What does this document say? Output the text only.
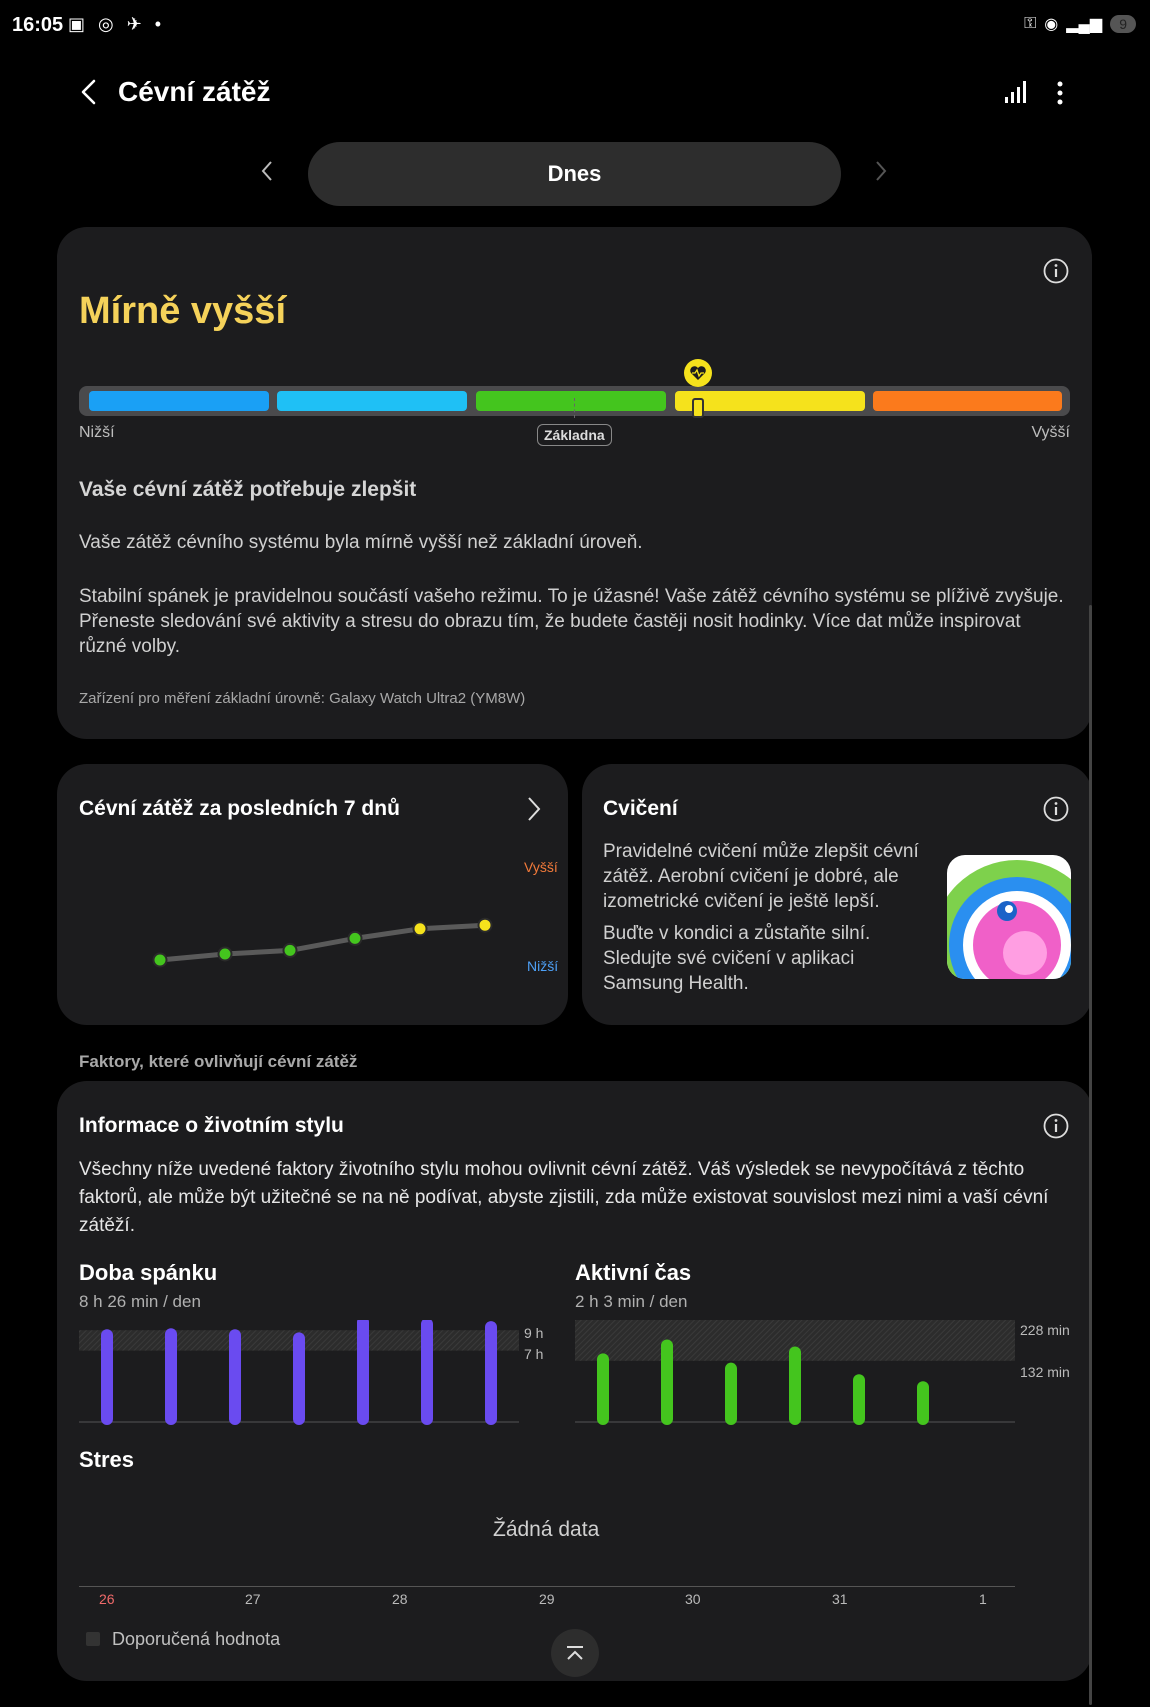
16:05 ▣ ◎ ✈ •	⚿ ◉ ▂▄▆	9
Cévní zátěž
Dnes
Mírně vyšší
Nižší	Základna	Vyšší
Vaše cévní zátěž potřebuje zlepšit
Vaše zátěž cévního systému byla mírně vyšší než základní úroveň.
Stabilní spánek je pravidelnou součástí vašeho režimu. To je úžasné! Vaše zátěž cévního systému se plíživě zvyšuje. Přeneste sledování své aktivity a stresu do obrazu tím, že budete častěji nosit hodinky. Více dat může inspirovat různé volby.
Zařízení pro měření základní úrovně: Galaxy Watch Ultra2 (YM8W)
Cévní zátěž za posledních 7 dnů
Vyšší
Nižší
Cvičení
Pravidelné cvičení může zlepšit cévní zátěž. Aerobní cvičení je dobré, ale izometrické cvičení je ještě lepší.
Buďte v kondici a zůstaňte silní. Sledujte své cvičení v aplikaci Samsung Health.
Faktory, které ovlivňují cévní zátěž
Informace o životním stylu
Všechny níže uvedené faktory životního stylu mohou ovlivnit cévní zátěž. Váš výsledek se nevypočítává z těchto faktorů, ale může být užitečné se na ně podívat, abyste zjistili, zda může existovat souvislost mezi nimi a vaší cévní zátěží.
Doba spánku
8 h 26 min / den
9 h
7 h
Aktivní čas
2 h 3 min / den
228 min
132 min
Stres
Žádná data
26	27	28	29	30	31	1
Doporučená hodnota
